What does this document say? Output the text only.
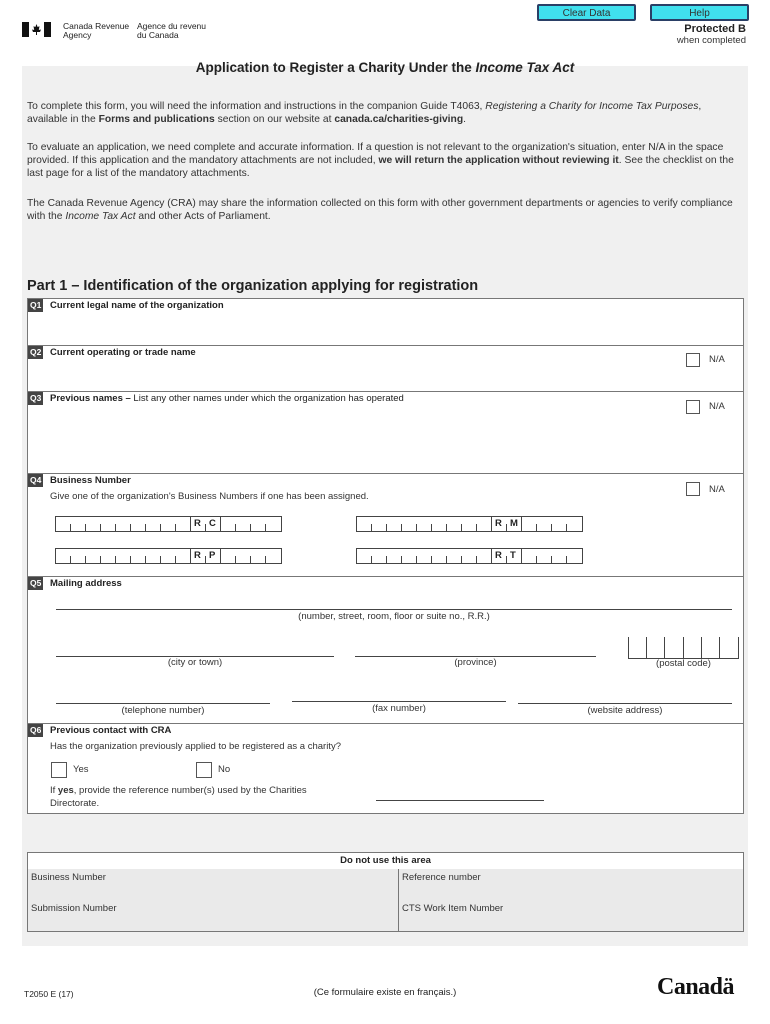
Canada Revenue
Agency
Agence du revenu
du Canada
Clear Data	Help
Protected B
when completed
Application to Register a Charity Under the Income Tax Act
To complete this form, you will need the information and instructions in the companion Guide T4063, Registering a Charity for Income Tax Purposes, available in the Forms and publications section on our website at canada.ca/charities-giving.
To evaluate an application, we need complete and accurate information. If a question is not relevant to the organization's situation, enter N/A in the space provided. If this application and the mandatory attachments are not included, we will return the application without reviewing it. See the checklist on the last page for a list of the mandatory attachments.
The Canada Revenue Agency (CRA) may share the information collected on this form with other government departments or agencies to verify compliance with the Income Tax Act and other Acts of Parliament.
Part 1 – Identification of the organization applying for registration
Q1 Current legal name of the organization
Q2 Current operating or trade name
N/A
Q3 Previous names – List any other names under which the organization has operated
N/A
Q4 Business Number
Give one of the organization's Business Numbers if one has been assigned.
N/A
R C	R M
R P	R T
Q5 Mailing address
(number, street, room, floor or suite no., R.R.)
(city or town)	(province)	(postal code)
(telephone number)	(fax number)	(website address)
Q6 Previous contact with CRA
Has the organization previously applied to be registered as a charity?
Yes	No
If yes, provide the reference number(s) used by the Charities
Directorate.
Do not use this area
Business Number	Reference number
Submission Number	CTS Work Item Number
T2050 E (17)	(Ce formulaire existe en français.)	Canadä
